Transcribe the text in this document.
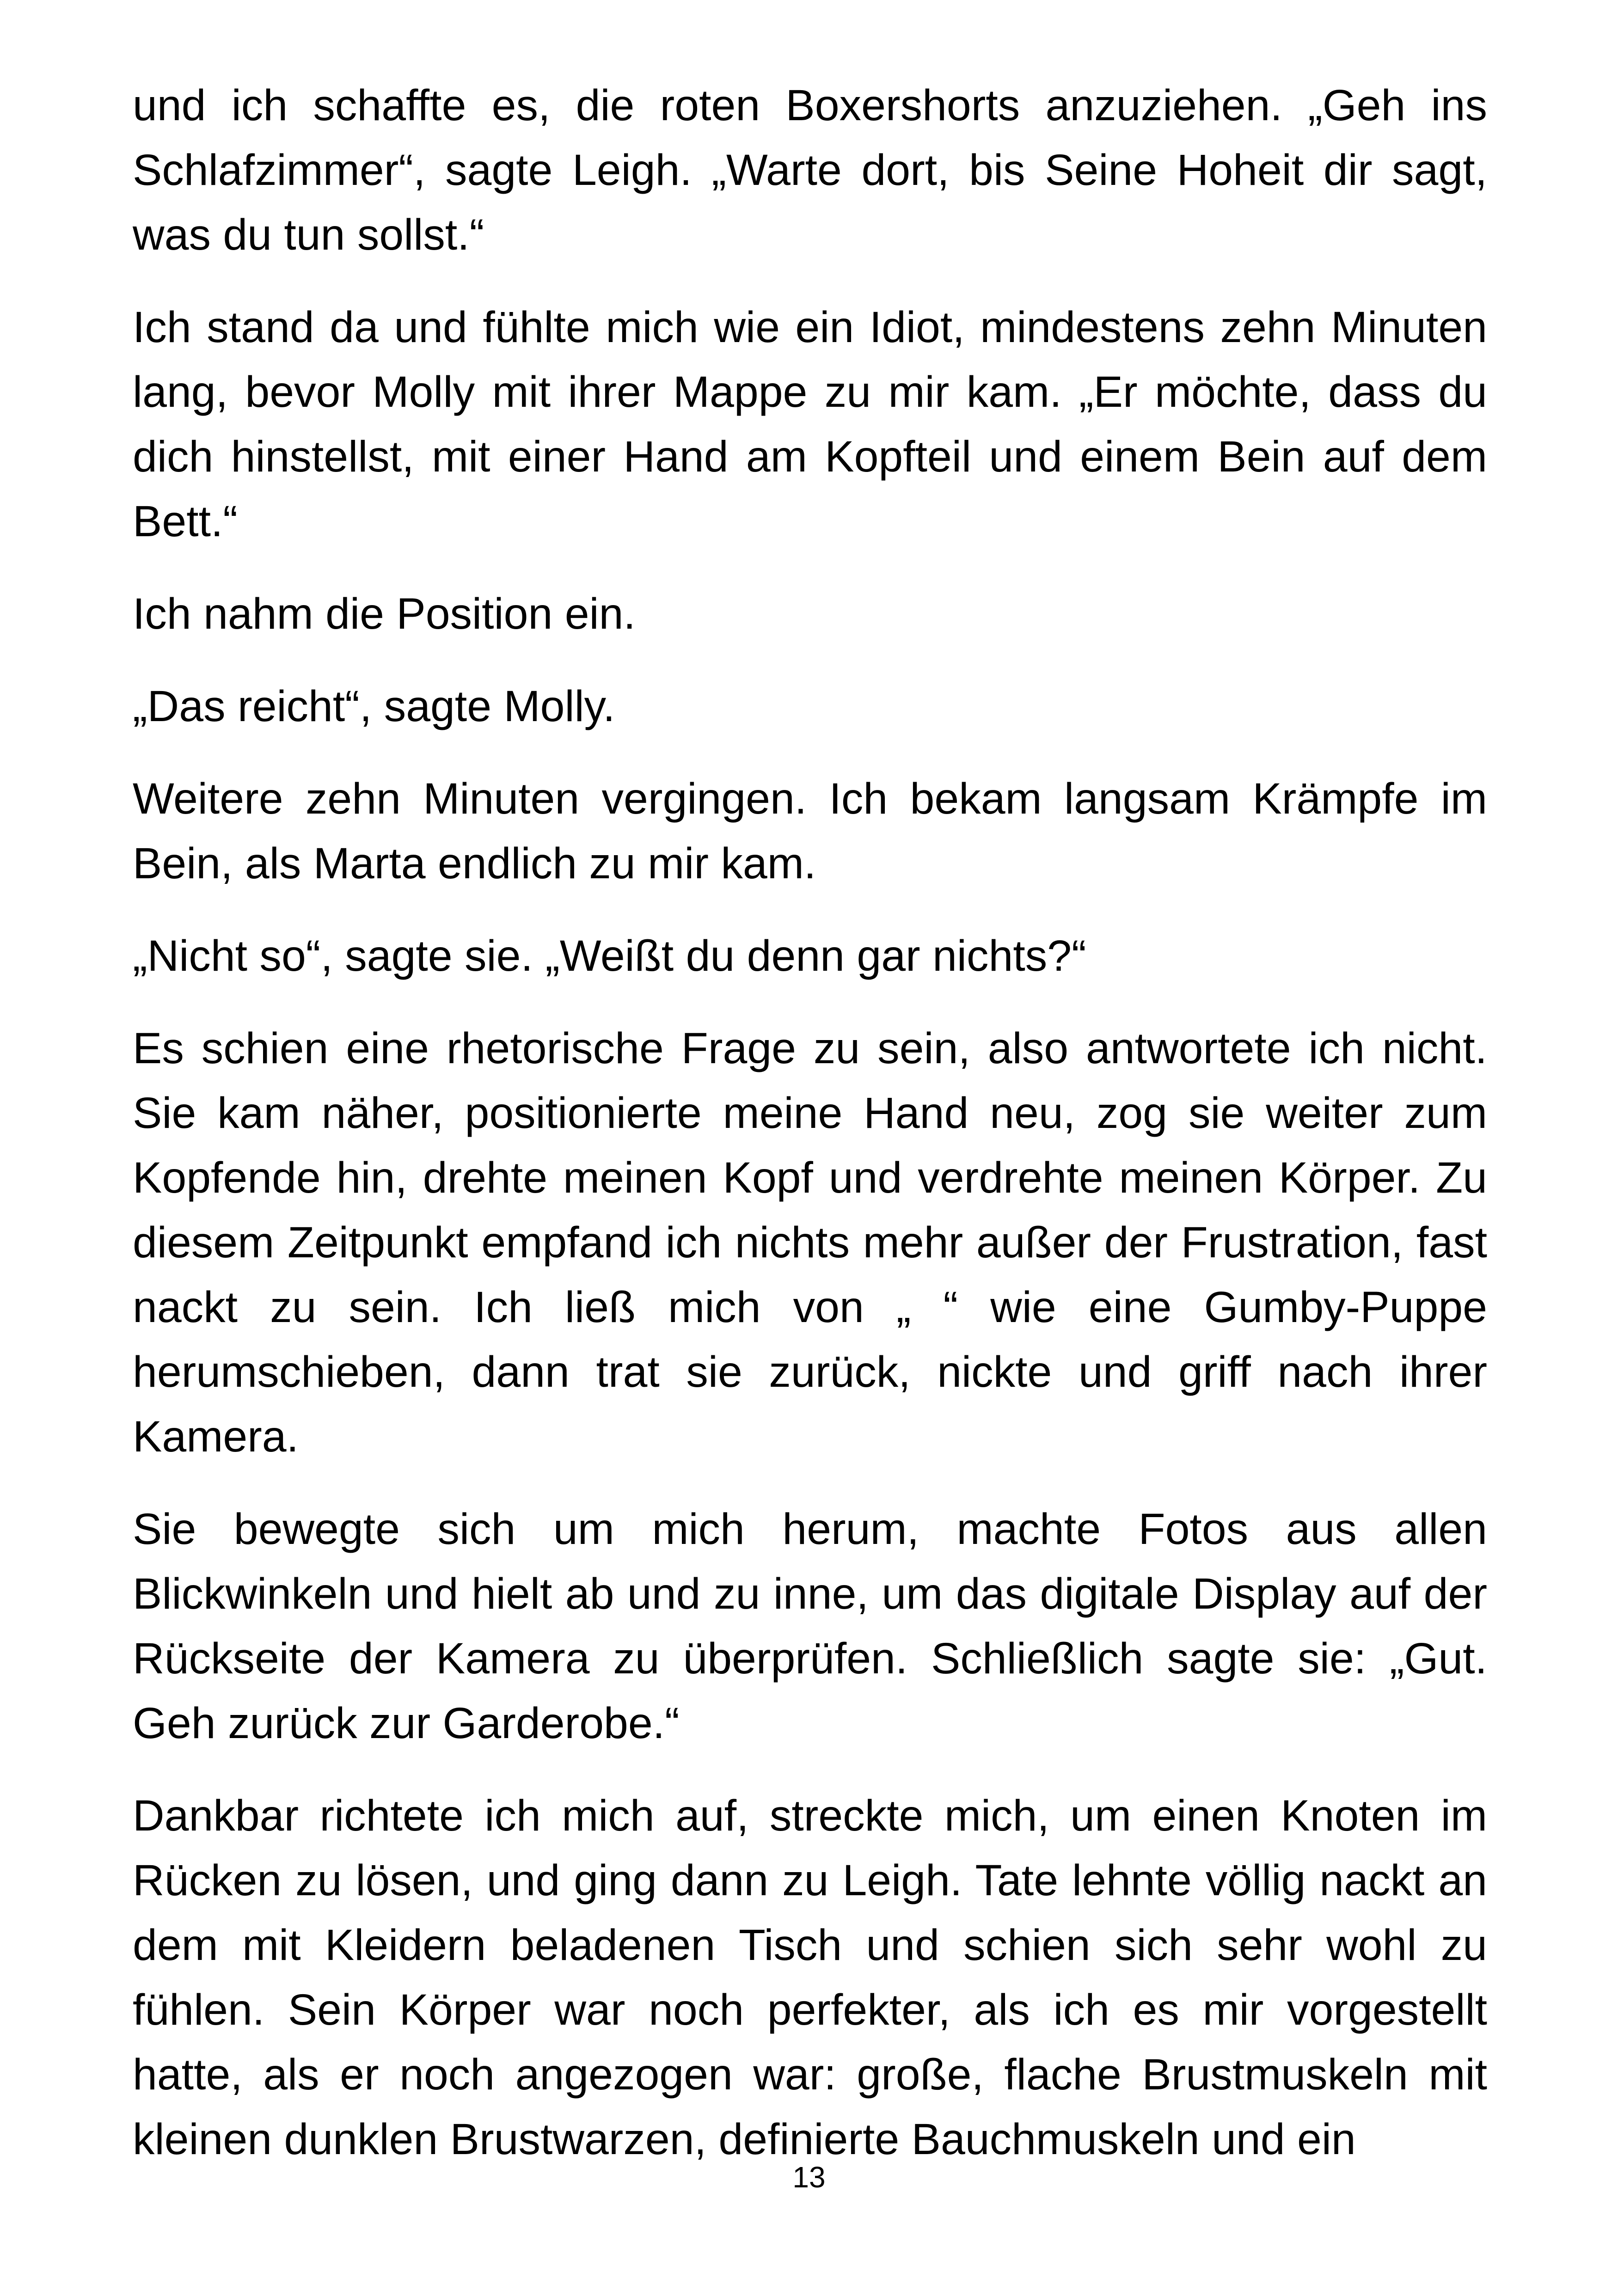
und ich schaffte es, die roten Boxershorts anzuziehen. „Geh ins Schlafzimmer“, sagte Leigh. „Warte dort, bis Seine Hoheit dir sagt, was du tun sollst.“

Ich stand da und fühlte mich wie ein Idiot, mindestens zehn Minuten lang, bevor Molly mit ihrer Mappe zu mir kam. „Er möchte, dass du dich hinstellst, mit einer Hand am Kopfteil und einem Bein auf dem Bett.“

Ich nahm die Position ein.

„Das reicht“, sagte Molly.

Weitere zehn Minuten vergingen. Ich bekam langsam Krämpfe im Bein, als Marta endlich zu mir kam.

„Nicht so“, sagte sie. „Weißt du denn gar nichts?“

Es schien eine rhetorische Frage zu sein, also antwortete ich nicht. Sie kam näher, positionierte meine Hand neu, zog sie weiter zum Kopfende hin, drehte meinen Kopf und verdrehte meinen Körper. Zu diesem Zeitpunkt empfand ich nichts mehr außer der Frustration, fast nackt zu sein. Ich ließ mich von „ “ wie eine Gumby-Puppe herumschieben, dann trat sie zurück, nickte und griff nach ihrer Kamera.

Sie bewegte sich um mich herum, machte Fotos aus allen Blickwinkeln und hielt ab und zu inne, um das digitale Display auf der Rückseite der Kamera zu überprüfen. Schließlich sagte sie: „Gut. Geh zurück zur Garderobe.“

Dankbar richtete ich mich auf, streckte mich, um einen Knoten im Rücken zu lösen, und ging dann zu Leigh. Tate lehnte völlig nackt an dem mit Kleidern beladenen Tisch und schien sich sehr wohl zu fühlen. Sein Körper war noch perfekter, als ich es mir vorgestellt hatte, als er noch angezogen war: große, flache Brustmuskeln mit kleinen dunklen Brustwarzen, definierte Bauchmuskeln und ein

13
